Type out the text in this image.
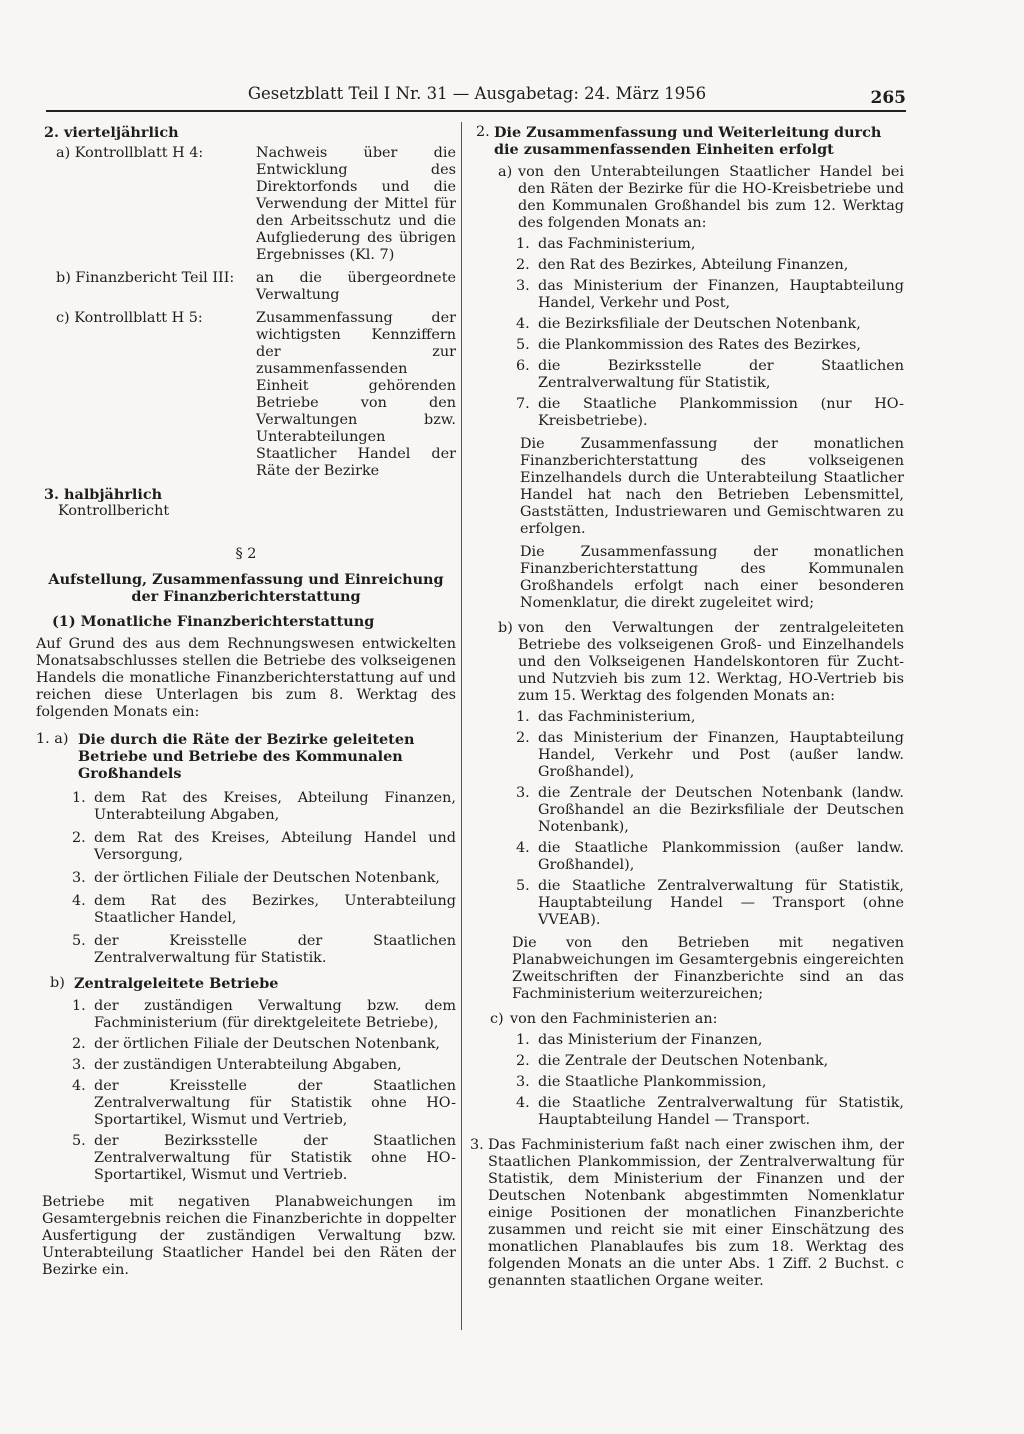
Gesetzblatt Teil I Nr. 31 — Ausgabetag: 24. März 1956	265
2. vierteljährlich
a) Kontrollblatt H 4:	Nachweis über die Entwicklung des Direktorfonds und die Verwendung der Mittel für den Arbeitsschutz und die Aufgliederung des übrigen Ergebnisses (Kl. 7)
b) Finanzbericht Teil III:	an die übergeordnete Verwaltung
c) Kontrollblatt H 5:	Zusammenfassung der wichtigsten Kennziffern der zur zusammenfassenden Einheit gehörenden Betriebe von den Verwaltungen bzw. Unterabteilungen Staatlicher Handel der Räte der Bezirke
3. halbjährlich
Kontrollbericht
§ 2
Aufstellung, Zusammenfassung und Einreichung der Finanzberichterstattung
(1) Monatliche Finanzberichterstattung
Auf Grund des aus dem Rechnungswesen entwickelten Monatsabschlusses stellen die Betriebe des volkseigenen Handels die monatliche Finanzberichterstattung auf und reichen diese Unterlagen bis zum 8. Werktag des folgenden Monats ein:
1. a) Die durch die Räte der Bezirke geleiteten Betriebe und Betriebe des Kommunalen Großhandels
1. dem Rat des Kreises, Abteilung Finanzen, Unterabteilung Abgaben,
2. dem Rat des Kreises, Abteilung Handel und Versorgung,
3. der örtlichen Filiale der Deutschen Notenbank,
4. dem Rat des Bezirkes, Unterabteilung Staatlicher Handel,
5. der Kreisstelle der Staatlichen Zentralverwaltung für Statistik.
b) Zentralgeleitete Betriebe
1. der zuständigen Verwaltung bzw. dem Fachministerium (für direktgeleitete Betriebe),
2. der örtlichen Filiale der Deutschen Notenbank,
3. der zuständigen Unterabteilung Abgaben,
4. der Kreisstelle der Staatlichen Zentralverwaltung für Statistik ohne HO-Sportartikel, Wismut und Vertrieb,
5. der Bezirksstelle der Staatlichen Zentralverwaltung für Statistik ohne HO-Sportartikel, Wismut und Vertrieb.
Betriebe mit negativen Planabweichungen im Gesamtergebnis reichen die Finanzberichte in doppelter Ausfertigung der zuständigen Verwaltung bzw. Unterabteilung Staatlicher Handel bei den Räten der Bezirke ein.
2. Die Zusammenfassung und Weiterleitung durch die zusammenfassenden Einheiten erfolgt
a) von den Unterabteilungen Staatlicher Handel bei den Räten der Bezirke für die HO-Kreisbetriebe und den Kommunalen Großhandel bis zum 12. Werktag des folgenden Monats an:
1. das Fachministerium,
2. den Rat des Bezirkes, Abteilung Finanzen,
3. das Ministerium der Finanzen, Hauptabteilung Handel, Verkehr und Post,
4. die Bezirksfiliale der Deutschen Notenbank,
5. die Plankommission des Rates des Bezirkes,
6. die Bezirksstelle der Staatlichen Zentralverwaltung für Statistik,
7. die Staatliche Plankommission (nur HO-Kreisbetriebe).
Die Zusammenfassung der monatlichen Finanzberichterstattung des volkseigenen Einzelhandels durch die Unterabteilung Staatlicher Handel hat nach den Betrieben Lebensmittel, Gaststätten, Industriewaren und Gemischtwaren zu erfolgen.
Die Zusammenfassung der monatlichen Finanzberichterstattung des Kommunalen Großhandels erfolgt nach einer besonderen Nomenklatur, die direkt zugeleitet wird;
b) von den Verwaltungen der zentralgeleiteten Betriebe des volkseigenen Groß- und Einzelhandels und den Volkseigenen Handelskontoren für Zucht- und Nutzvieh bis zum 12. Werktag, HO-Vertrieb bis zum 15. Werktag des folgenden Monats an:
1. das Fachministerium,
2. das Ministerium der Finanzen, Hauptabteilung Handel, Verkehr und Post (außer landw. Großhandel),
3. die Zentrale der Deutschen Notenbank (landw. Großhandel an die Bezirksfiliale der Deutschen Notenbank),
4. die Staatliche Plankommission (außer landw. Großhandel),
5. die Staatliche Zentralverwaltung für Statistik, Hauptabteilung Handel — Transport (ohne VVEAB).
Die von den Betrieben mit negativen Planabweichungen im Gesamtergebnis eingereichten Zweitschriften der Finanzberichte sind an das Fachministerium weiterzureichen;
c) von den Fachministerien an:
1. das Ministerium der Finanzen,
2. die Zentrale der Deutschen Notenbank,
3. die Staatliche Plankommission,
4. die Staatliche Zentralverwaltung für Statistik, Hauptabteilung Handel — Transport.
3. Das Fachministerium faßt nach einer zwischen ihm, der Staatlichen Plankommission, der Zentralverwaltung für Statistik, dem Ministerium der Finanzen und der Deutschen Notenbank abgestimmten Nomenklatur einige Positionen der monatlichen Finanzberichte zusammen und reicht sie mit einer Einschätzung des monatlichen Planablaufes bis zum 18. Werktag des folgenden Monats an die unter Abs. 1 Ziff. 2 Buchst. c genannten staatlichen Organe weiter.
